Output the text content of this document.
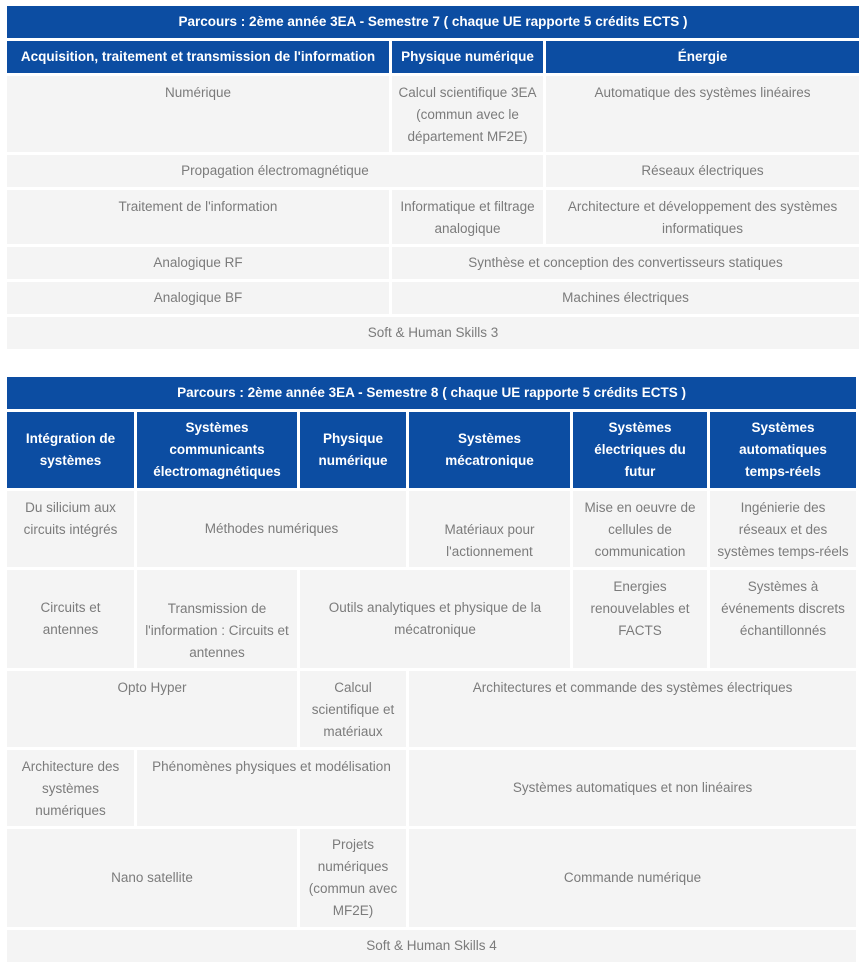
Parcours : 2ème année 3EA - Semestre 7 ( chaque UE rapporte 5 crédits ECTS )		
Acquisition, traitement et transmission de l'information	Physique numérique	Énergie
Numérique	Calcul scientifique 3EA (commun avec le département MF2E)	Automatique des systèmes linéaires
Propagation électromagnétique		Réseaux électriques
Traitement de l'information	Informatique et filtrage analogique	Architecture et développement des systèmes informatiques
Analogique RF	Synthèse et conception des convertisseurs statiques	
Analogique BF	Machines électriques	
Soft & Human Skills 3		
Parcours : 2ème année 3EA - Semestre 8 ( chaque UE rapporte 5 crédits ECTS )					
Intégration de systèmes	Systèmes communicants électromagnétiques	Physique numérique	Systèmes mécatronique	Systèmes électriques du futur	Systèmes automatiques temps-réels
Du silicium aux circuits intégrés	Méthodes numériques		Matériaux pour l'actionnement	Mise en oeuvre de cellules de communication	Ingénierie des réseaux et des systèmes temps-réels
Circuits et antennes	Transmission de l'information : Circuits et antennes	Outils analytiques et physique de la mécatronique		Energies renouvelables et FACTS	Systèmes à événements discrets échantillonnés
Opto Hyper		Calcul scientifique et matériaux	Architectures et commande des systèmes électriques		
Architecture des systèmes numériques	Phénomènes physiques et modélisation		Systèmes automatiques et non linéaires		
Nano satellite		Projets numériques (commun avec MF2E)	Commande numérique		
Soft & Human Skills 4					
